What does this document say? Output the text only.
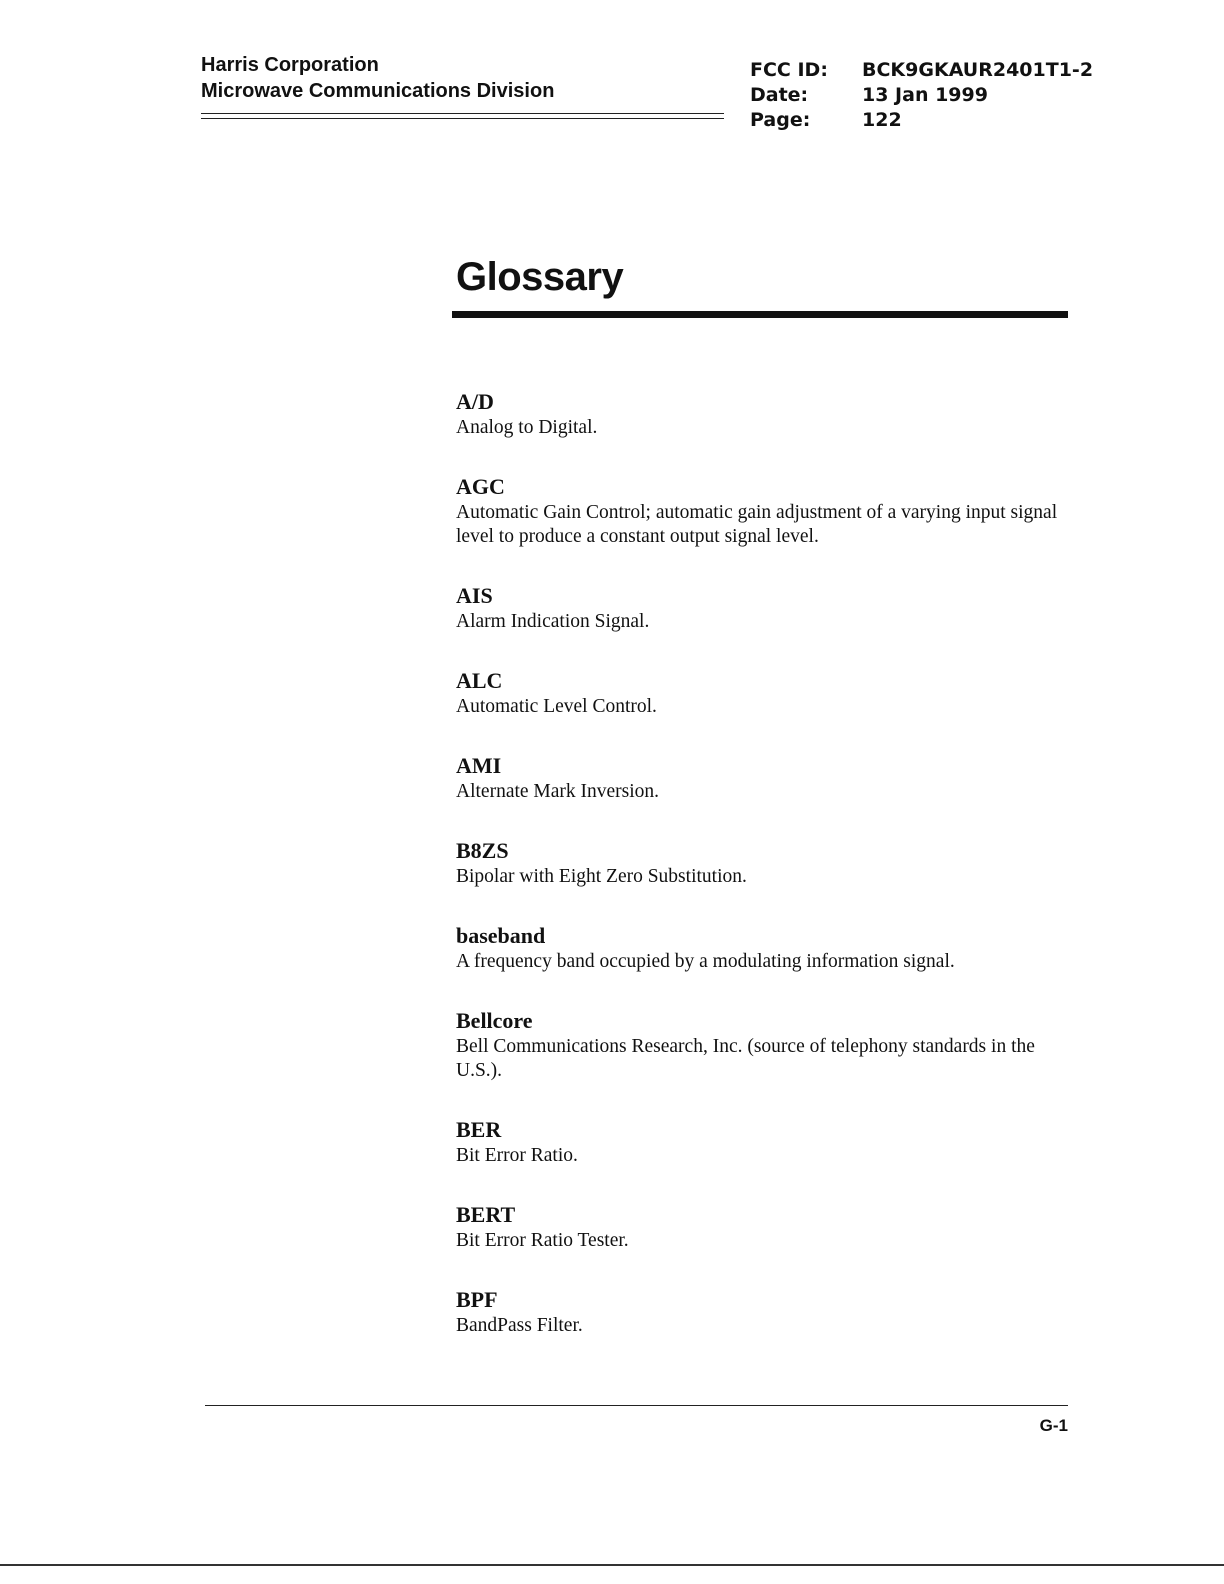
Harris Corporation
Microwave Communications Division
FCC ID:	BCK9GKAUR2401T1-2
Date:	13 Jan 1999
Page:	122
Glossary
A/D
Analog to Digital.
AGC
Automatic Gain Control; automatic gain adjustment of a varying input signal level to produce a constant output signal level.
AIS
Alarm Indication Signal.
ALC
Automatic Level Control.
AMI
Alternate Mark Inversion.
B8ZS
Bipolar with Eight Zero Substitution.
baseband
A frequency band occupied by a modulating information signal.
Bellcore
Bell Communications Research, Inc. (source of telephony standards in the U.S.).
BER
Bit Error Ratio.
BERT
Bit Error Ratio Tester.
BPF
BandPass Filter.
G-1
